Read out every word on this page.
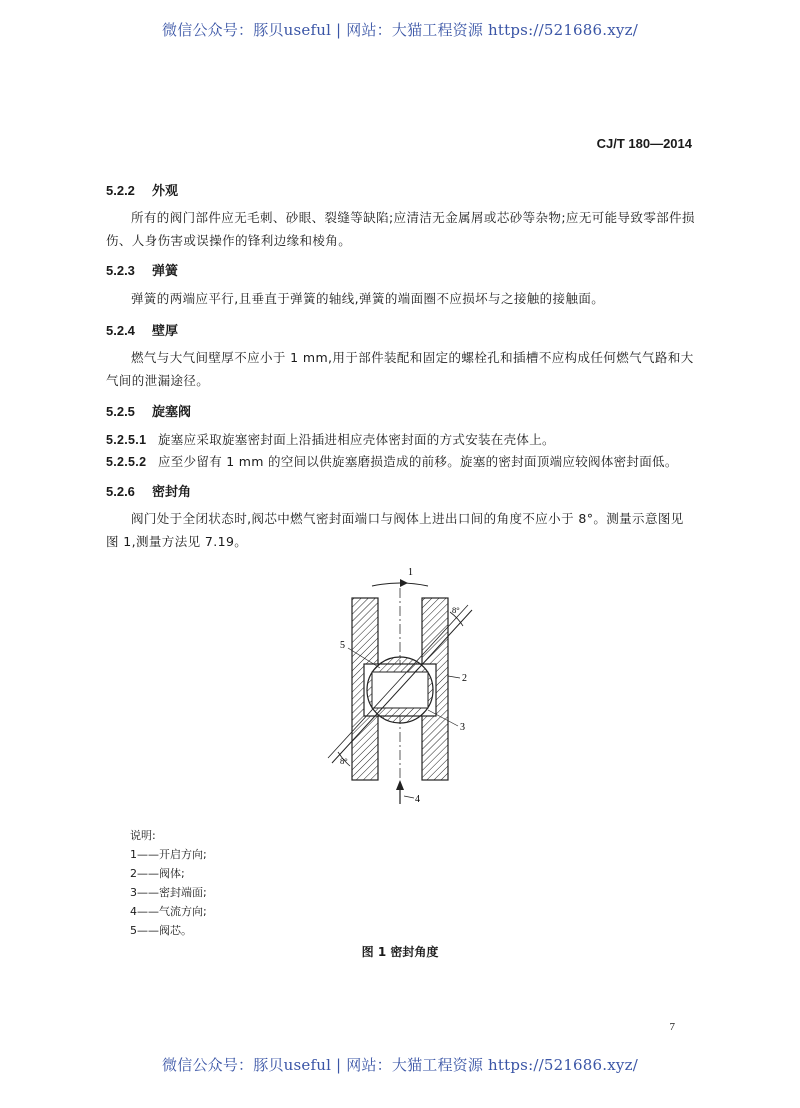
微信公众号：豚贝useful | 网站：大猫工程资源 https://521686.xyz/
CJ/T 180—2014
5.2.2 外观
所有的阀门部件应无毛刺、砂眼、裂缝等缺陷;应清洁无金属屑或芯砂等杂物;应无可能导致零部件损伤、人身伤害或误操作的锋利边缘和棱角。
5.2.3 弹簧
弹簧的两端应平行,且垂直于弹簧的轴线,弹簧的端面圈不应损坏与之接触的接触面。
5.2.4 壁厚
燃气与大气间壁厚不应小于 1 mm,用于部件装配和固定的螺栓孔和插槽不应构成任何燃气气路和大气间的泄漏途径。
5.2.5 旋塞阀
5.2.5.1 旋塞应采取旋塞密封面上沿插进相应壳体密封面的方式安装在壳体上。
5.2.5.2 应至少留有 1 mm 的空间以供旋塞磨损造成的前移。旋塞的密封面顶端应较阀体密封面低。
5.2.6 密封角
阀门处于全闭状态时,阀芯中燃气密封面端口与阀体上进出口间的角度不应小于 8°。测量示意图见图 1,测量方法见 7.19。
1
5
2
3
4
8°
8°
说明:
1——开启方向;
2——阀体;
3——密封端面;
4——气流方向;
5——阀芯。
图 1 密封角度
7
微信公众号：豚贝useful | 网站：大猫工程资源 https://521686.xyz/
